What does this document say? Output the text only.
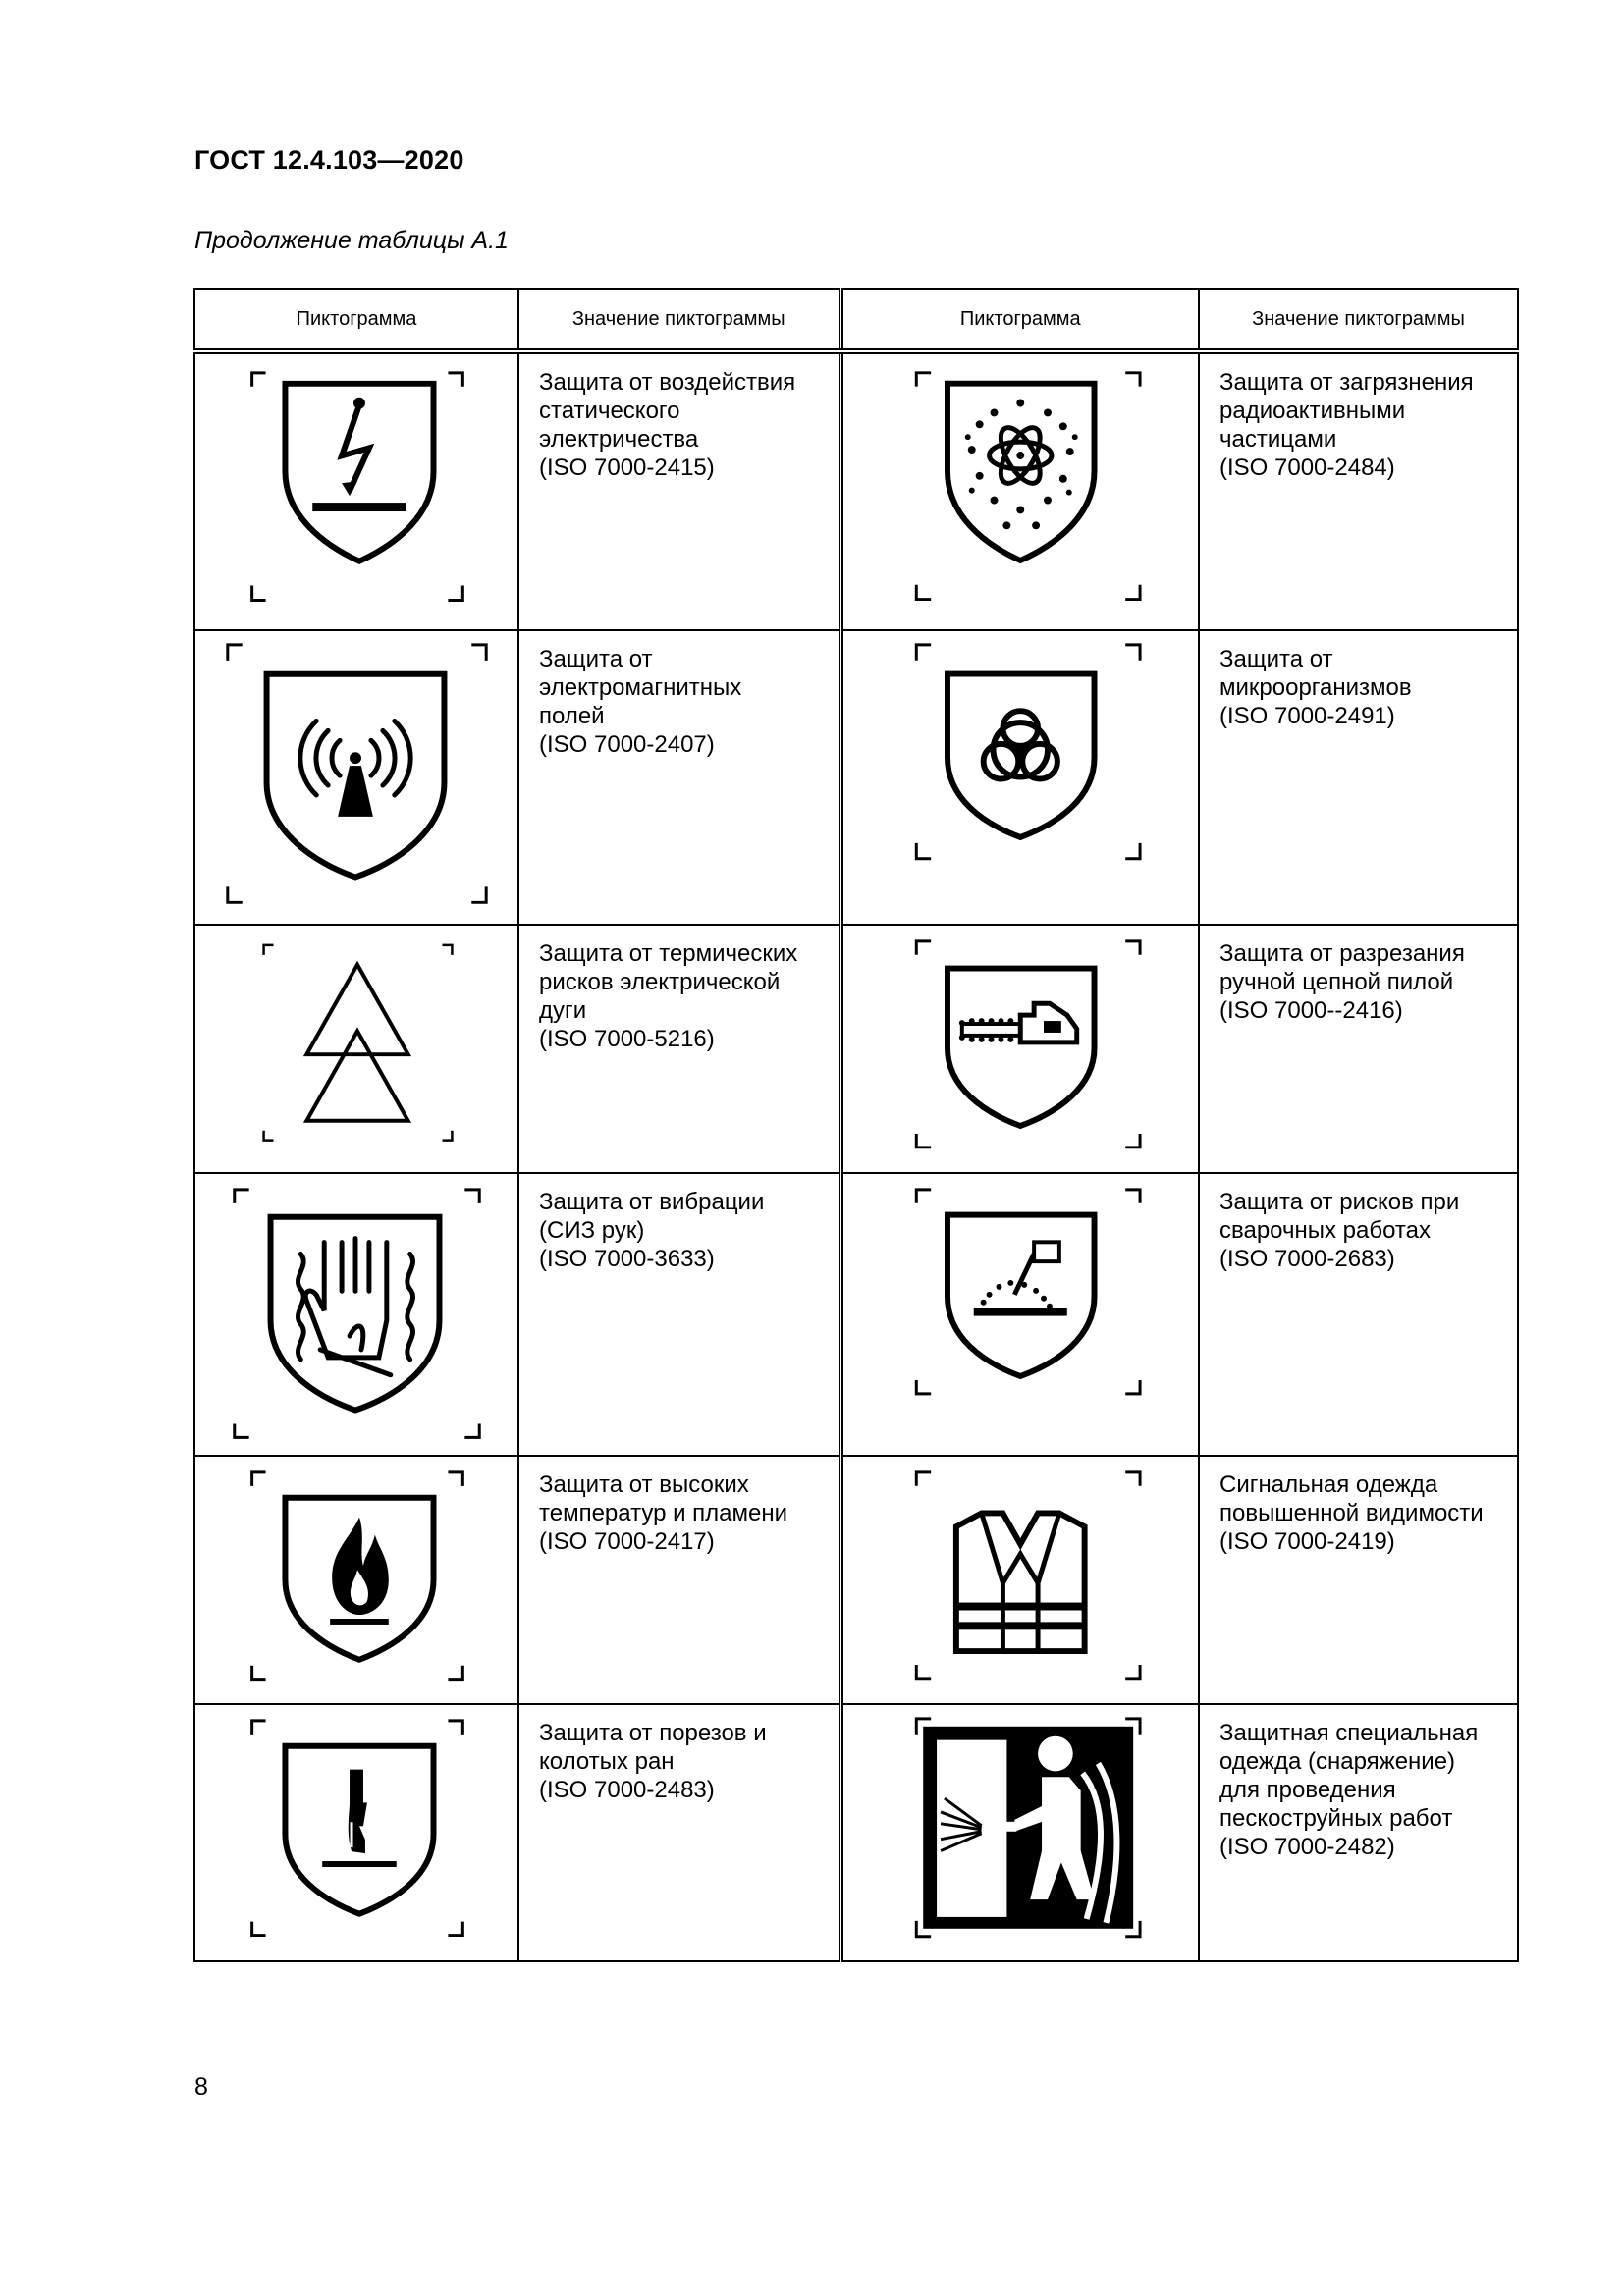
ГОСТ 12.4.103—2020
Продолжение таблицы А.1
Пиктограмма	Значение пиктограммы	Пиктограмма	Значение пиктограммы

Защита от воздействия
статического
электричества
(ISO 7000-2415)		Защита от загрязнения
радиоактивными
частицами
(ISO 7000-2484)

Защита от
электромагнитных
полей
(ISO 7000-2407)		Защита от
микроорганизмов
(ISO 7000-2491)

Защита от термических
рисков электрической
дуги
(ISO 7000-5216)		Защита от разрезания
ручной цепной пилой
(ISO 7000--2416)

Защита от вибрации
(СИЗ рук)
(ISO 7000-3633)		Защита от рисков при
сварочных работах
(ISO 7000-2683)

Защита от высоких
температур и пламени
(ISO 7000-2417)		Сигнальная одежда
повышенной видимости
(ISO 7000-2419)

Защита от порезов и
колотых ран
(ISO 7000-2483)		Защитная специальная
одежда (снаряжение)
для проведения
пескоструйных работ
(ISO 7000-2482)
8
